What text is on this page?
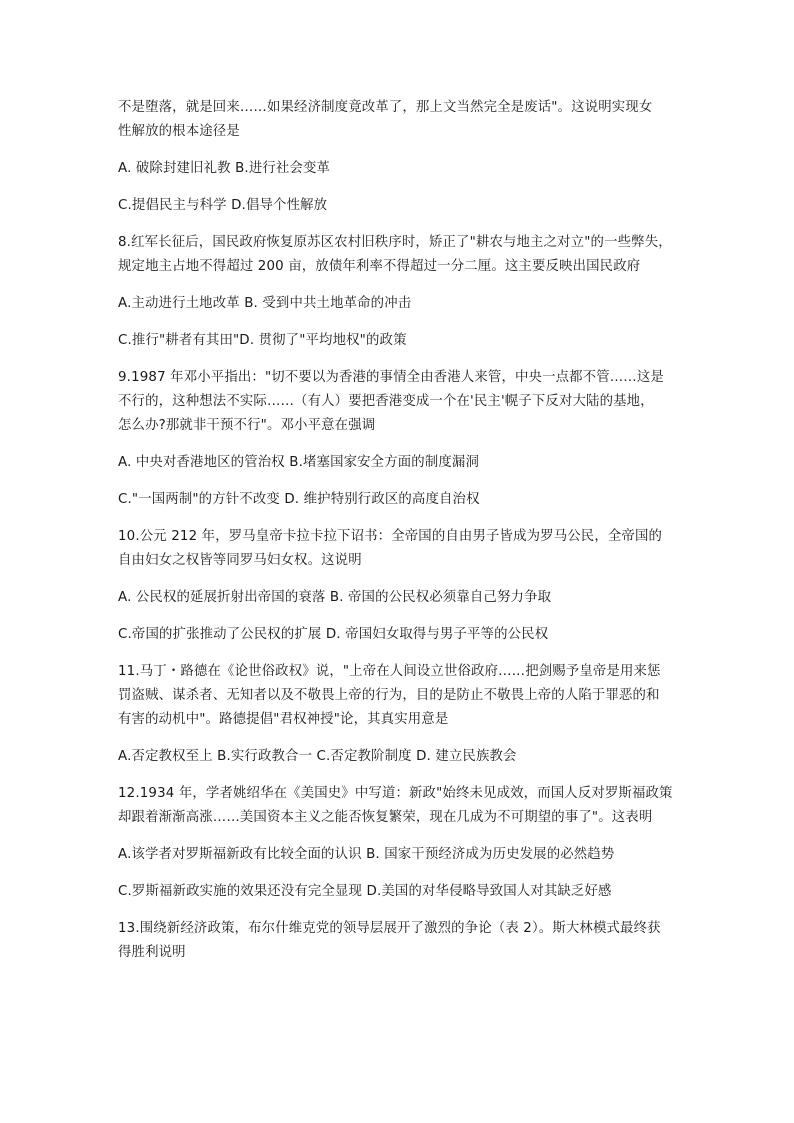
不是堕落，就是回来……如果经济制度竟改革了，那上文当然完全是废话"。这说明实现女
性解放的根本途径是

A. 破除封建旧礼教 B.进行社会变革

C.提倡民主与科学 D.倡导个性解放

8.红军长征后，国民政府恢复原苏区农村旧秩序时，矫正了"耕农与地主之对立"的一些弊失，
规定地主占地不得超过 200 亩，放债年利率不得超过一分二厘。这主要反映出国民政府

A.主动进行土地改革 B. 受到中共土地革命的冲击

C.推行"耕者有其田"D. 贯彻了"平均地权"的政策

9.1987 年邓小平指出："切不要以为香港的事情全由香港人来管，中央一点都不管……这是
不行的，这种想法不实际……（有人）要把香港变成一个在'民主'幌子下反对大陆的基地，
怎么办?那就非干预不行"。邓小平意在强调

A. 中央对香港地区的管治权 B.堵塞国家安全方面的制度漏洞

C."一国两制"的方针不改变 D. 维护特别行政区的高度自治权

10.公元 212 年，罗马皇帝卡拉卡拉下诏书：全帝国的自由男子皆成为罗马公民，全帝国的
自由妇女之权皆等同罗马妇女权。这说明

A. 公民权的延展折射出帝国的衰落 B. 帝国的公民权必须靠自己努力争取

C.帝国的扩张推动了公民权的扩展 D. 帝国妇女取得与男子平等的公民权

11.马丁・路德在《论世俗政权》说，"上帝在人间设立世俗政府……把剑赐予皇帝是用来惩
罚盗贼、谋杀者、无知者以及不敬畏上帝的行为，目的是防止不敬畏上帝的人陷于罪恶的和
有害的动机中"。路德提倡"君权神授"论，其真实用意是

A.否定教权至上 B.实行政教合一 C.否定教阶制度 D. 建立民族教会

12.1934 年，学者姚绍华在《美国史》中写道：新政"始终未见成效，而国人反对罗斯福政策
却跟着渐渐高涨……美国资本主义之能否恢复繁荣，现在几成为不可期望的事了"。这表明

A.该学者对罗斯福新政有比较全面的认识 B. 国家干预经济成为历史发展的必然趋势

C.罗斯福新政实施的效果还没有完全显现 D.美国的对华侵略导致国人对其缺乏好感

13.围绕新经济政策，布尔什维克党的领导层展开了激烈的争论（表 2）。斯大林模式最终获
得胜利说明
